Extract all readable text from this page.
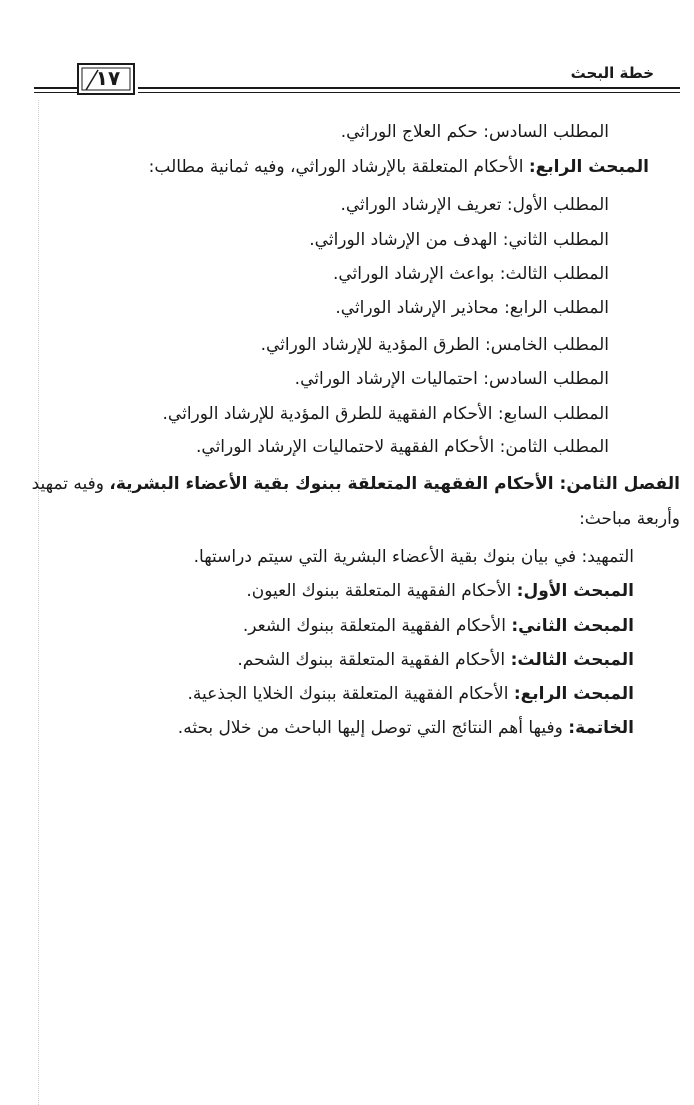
خطة البحث
١٧
المطلب السادس: حكم العلاج الوراثي.
المبحث الرابع: الأحكام المتعلقة بالإرشاد الوراثي، وفيه ثمانية مطالب:
المطلب الأول: تعريف الإرشاد الوراثي.
المطلب الثاني: الهدف من الإرشاد الوراثي.
المطلب الثالث: بواعث الإرشاد الوراثي.
المطلب الرابع: محاذير الإرشاد الوراثي.
المطلب الخامس: الطرق المؤدية للإرشاد الوراثي.
المطلب السادس: احتماليات الإرشاد الوراثي.
المطلب السابع: الأحكام الفقهية للطرق المؤدية للإرشاد الوراثي.
المطلب الثامن: الأحكام الفقهية لاحتماليات الإرشاد الوراثي.
الفصل الثامن: الأحكام الفقهية المتعلقة ببنوك بقية الأعضاء البشرية، وفيه تمهيد
وأربعة مباحث:
التمهيد: في بيان بنوك بقية الأعضاء البشرية التي سيتم دراستها.
المبحث الأول: الأحكام الفقهية المتعلقة ببنوك العيون.
المبحث الثاني: الأحكام الفقهية المتعلقة ببنوك الشعر.
المبحث الثالث: الأحكام الفقهية المتعلقة ببنوك الشحم.
المبحث الرابع: الأحكام الفقهية المتعلقة ببنوك الخلايا الجذعية.
الخاتمة: وفيها أهم النتائج التي توصل إليها الباحث من خلال بحثه.
